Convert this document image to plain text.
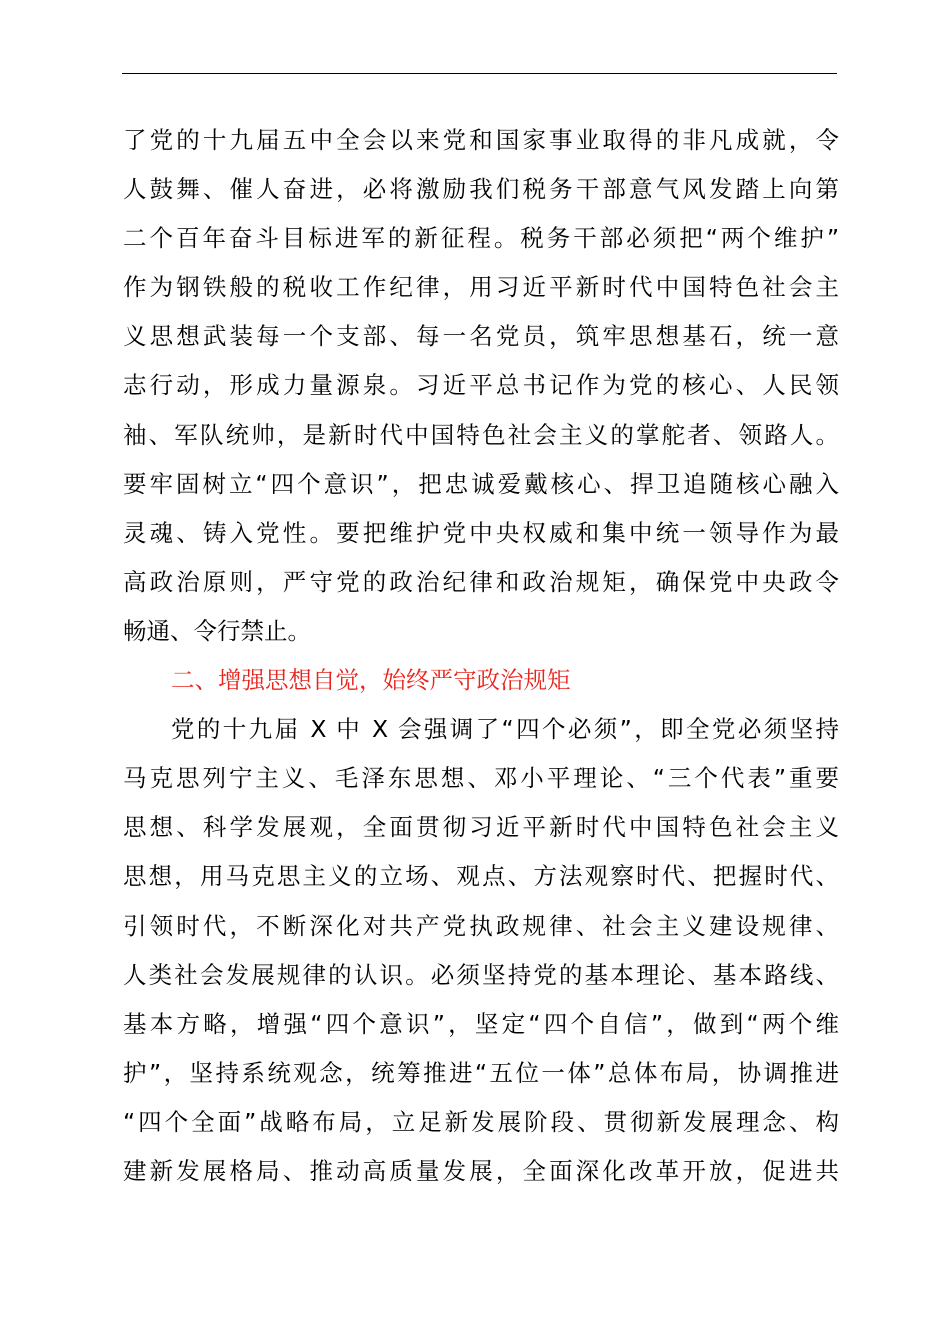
了党的十九届五中全会以来党和国家事业取得的非凡成就，令
人鼓舞、催人奋进，必将激励我们税务干部意气风发踏上向第
二个百年奋斗目标进军的新征程。税务干部必须把“两个维护”
作为钢铁般的税收工作纪律，用习近平新时代中国特色社会主
义思想武装每一个支部、每一名党员，筑牢思想基石，统一意
志行动，形成力量源泉。习近平总书记作为党的核心、人民领
袖、军队统帅，是新时代中国特色社会主义的掌舵者、领路人。
要牢固树立“四个意识”，把忠诚爱戴核心、捍卫追随核心融入
灵魂、铸入党性。要把维护党中央权威和集中统一领导作为最
高政治原则，严守党的政治纪律和政治规矩，确保党中央政令
畅通、令行禁止。
二、增强思想自觉，始终严守政治规矩
党的十九届 X 中 X 会强调了“四个必须”，即全党必须坚持
马克思列宁主义、毛泽东思想、邓小平理论、“三个代表”重要
思想、科学发展观，全面贯彻习近平新时代中国特色社会主义
思想，用马克思主义的立场、观点、方法观察时代、把握时代、
引领时代，不断深化对共产党执政规律、社会主义建设规律、
人类社会发展规律的认识。必须坚持党的基本理论、基本路线、
基本方略，增强“四个意识”，坚定“四个自信”，做到“两个维
护”，坚持系统观念，统筹推进“五位一体”总体布局，协调推进
“四个全面”战略布局，立足新发展阶段、贯彻新发展理念、构
建新发展格局、推动高质量发展，全面深化改革开放，促进共
